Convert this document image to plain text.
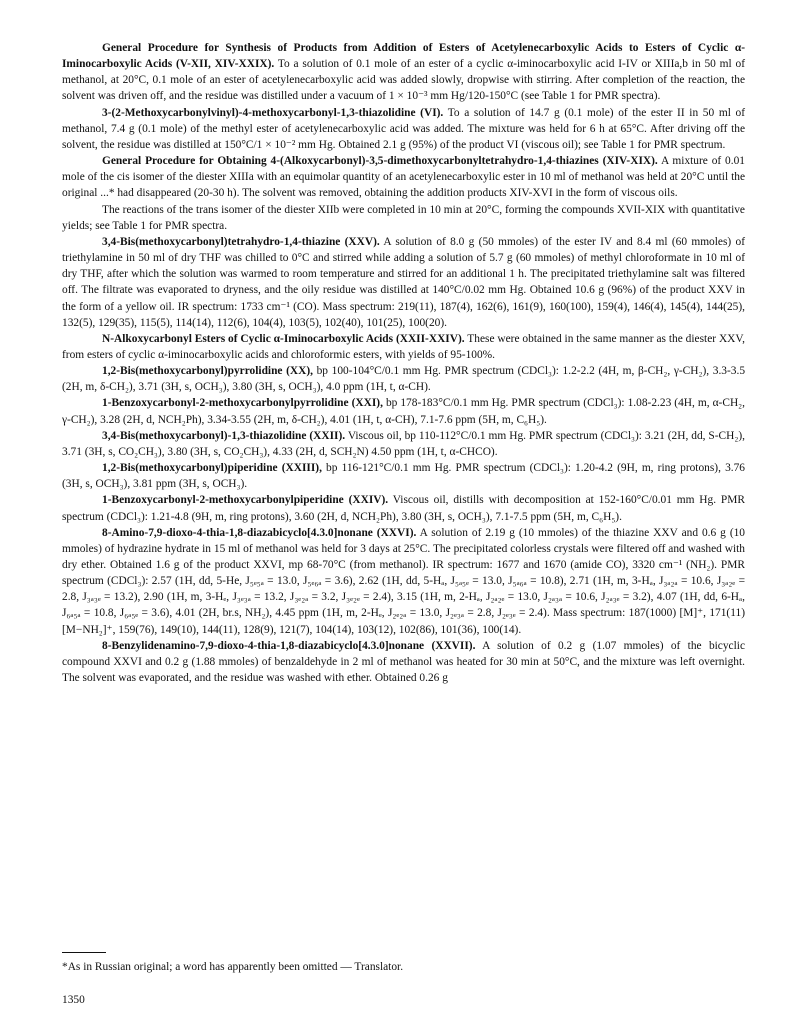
General Procedure for Synthesis of Products from Addition of Esters of Acetylenecarboxylic Acids to Esters of Cyclic α-Iminocarboxylic Acids (V-XII, XIV-XXIX). To a solution of 0.1 mole of an ester of a cyclic α-iminocarboxylic acid I-IV or XIIIa,b in 50 ml of methanol, at 20°C, 0.1 mole of an ester of acetylenecarboxylic acid was added slowly, dropwise with stirring. After completion of the reaction, the solvent was driven off, and the residue was distilled under a vacuum of 1 × 10⁻³ mm Hg/120-150°C (see Table 1 for PMR spectra).

3-(2-Methoxycarbonylvinyl)-4-methoxycarbonyl-1,3-thiazolidine (VI). To a solution of 14.7 g (0.1 mole) of the ester II in 50 ml of methanol, 7.4 g (0.1 mole) of the methyl ester of acetylenecarboxylic acid was added. The mixture was held for 6 h at 65°C. After driving off the solvent, the residue was distilled at 150°C/1 × 10⁻² mm Hg. Obtained 2.1 g (95%) of the product VI (viscous oil); see Table 1 for PMR spectrum.

General Procedure for Obtaining 4-(Alkoxycarbonyl)-3,5-dimethoxycarbonyltetrahydro-1,4-thiazines (XIV-XIX). A mixture of 0.01 mole of the cis isomer of the diester XIIIa with an equimolar quantity of an acetylenecarboxylic ester in 10 ml of methanol was held at 20°C until the original ...* had disappeared (20-30 h). The solvent was removed, obtaining the addition products XIV-XVI in the form of viscous oils.

The reactions of the trans isomer of the diester XIIb were completed in 10 min at 20°C, forming the compounds XVII-XIX with quantitative yields; see Table 1 for PMR spectra.

3,4-Bis(methoxycarbonyl)tetrahydro-1,4-thiazine (XXV). A solution of 8.0 g (50 mmoles) of the ester IV and 8.4 ml (60 mmoles) of triethylamine in 50 ml of dry THF was chilled to 0°C and stirred while adding a solution of 5.7 g (60 mmoles) of methyl chloroformate in 10 ml of dry THF, after which the solution was warmed to room temperature and stirred for an additional 1 h. The precipitated triethylamine salt was filtered off. The filtrate was evaporated to dryness, and the oily residue was distilled at 140°C/0.02 mm Hg. Obtained 10.6 g (96%) of the product XXV in the form of a yellow oil. IR spectrum: 1733 cm⁻¹ (CO). Mass spectrum: 219(11), 187(4), 162(6), 161(9), 160(100), 159(4), 146(4), 145(4), 144(25), 132(5), 129(35), 115(5), 114(14), 112(6), 104(4), 103(5), 102(40), 101(25), 100(20).

N-Alkoxycarbonyl Esters of Cyclic α-Iminocarboxylic Acids (XXII-XXIV). These were obtained in the same manner as the diester XXV, from esters of cyclic α-iminocarboxylic acids and chloroformic esters, with yields of 95-100%.

1,2-Bis(methoxycarbonyl)pyrrolidine (XX), bp 100-104°C/0.1 mm Hg. PMR spectrum (CDCl₃): 1.2-2.2 (4H, m, β-CH₂, γ-CH₂), 3.3-3.5 (2H, m, δ-CH₂), 3.71 (3H, s, OCH₃), 3.80 (3H, s, OCH₃), 4.0 ppm (1H, t, α-CH).

1-Benzoxycarbonyl-2-methoxycarbonylpyrrolidine (XXI), bp 178-183°C/0.1 mm Hg. PMR spectrum (CDCl₃): 1.08-2.23 (4H, m, α-CH₂, γ-CH₂), 3.28 (2H, d, NCH₂Ph), 3.34-3.55 (2H, m, δ-CH₂), 4.01 (1H, t, α-CH), 7.1-7.6 ppm (5H, m, C₆H₅).

3,4-Bis(methoxycarbonyl)-1,3-thiazolidine (XXII). Viscous oil, bp 110-112°C/0.1 mm Hg. PMR spectrum (CDCl₃): 3.21 (2H, dd, S-CH₂), 3.71 (3H, s, CO₂CH₃), 3.80 (3H, s, CO₂CH₃), 4.33 (2H, d, SCH₂N) 4.50 ppm (1H, t, α-CHCO).

1,2-Bis(methoxycarbonyl)piperidine (XXIII), bp 116-121°C/0.1 mm Hg. PMR spectrum (CDCl₃): 1.20-4.2 (9H, m, ring protons), 3.76 (3H, s, OCH₃), 3.81 ppm (3H, s, OCH₃).

1-Benzoxycarbonyl-2-methoxycarbonylpiperidine (XXIV). Viscous oil, distills with decomposition at 152-160°C/0.01 mm Hg. PMR spectrum (CDCl₃): 1.21-4.8 (9H, m, ring protons), 3.60 (2H, d, NCH₂Ph), 3.80 (3H, s, OCH₃), 7.1-7.5 ppm (5H, m, C₆H₅).

8-Amino-7,9-dioxo-4-thia-1,8-diazabicyclo[4.3.0]nonane (XXVI). A solution of 2.19 g (10 mmoles) of the thiazine XXV and 0.6 g (10 mmoles) of hydrazine hydrate in 15 ml of methanol was held for 3 days at 25°C. The precipitated colorless crystals were filtered off and washed with dry ether. Obtained 1.6 g of the product XXVI, mp 68-70°C (from methanol). IR spectrum: 1677 and 1670 (amide CO), 3320 cm⁻¹ (NH₂). PMR spectrum (CDCl₃): 2.57 (1H, dd, 5-He, J₅ₑ₅ₐ = 13.0, J₅ₑ₆ₐ = 3.6), 2.62 (1H, dd, 5-Hₐ, J₅ₐ₅ₑ = 13.0, J₅ₐ₆ₐ = 10.8), 2.71 (1H, m, 3-Hₐ, J₃ₐ₂ₐ = 10.6, J₃ₐ₂ₑ = 2.8, J₃ₐ₃ₑ = 13.2), 2.90 (1H, m, 3-Hₑ, J₃ₑ₃ₐ = 13.2, J₃ₑ₂ₐ = 3.2, J₃ₑ₂ₑ = 2.4), 3.15 (1H, m, 2-Hₐ, J₂ₐ₂ₑ = 13.0, J₂ₐ₃ₐ = 10.6, J₂ₐ₃ₑ = 3.2), 4.07 (1H, dd, 6-Hₐ, J₆ₐ₅ₐ = 10.8, J₆ₐ₅ₑ = 3.6), 4.01 (2H, br.s, NH₂), 4.45 ppm (1H, m, 2-Hₑ, J₂ₑ₂ₐ = 13.0, J₂ₑ₃ₐ = 2.8, J₂ₑ₃ₑ = 2.4). Mass spectrum: 187(1000) [M]⁺, 171(11) [M−NH₂]⁺, 159(76), 149(10), 144(11), 128(9), 121(7), 104(14), 103(12), 102(86), 101(36), 100(14).

8-Benzylidenamino-7,9-dioxo-4-thia-1,8-diazabicyclo[4.3.0]nonane (XXVII). A solution of 0.2 g (1.07 mmoles) of the bicyclic compound XXVI and 0.2 g (1.88 mmoles) of benzaldehyde in 2 ml of methanol was heated for 30 min at 50°C, and the mixture was left overnight. The solvent was evaporated, and the residue was washed with ether. Obtained 0.26 g

*As in Russian original; a word has apparently been omitted — Translator.
1350
